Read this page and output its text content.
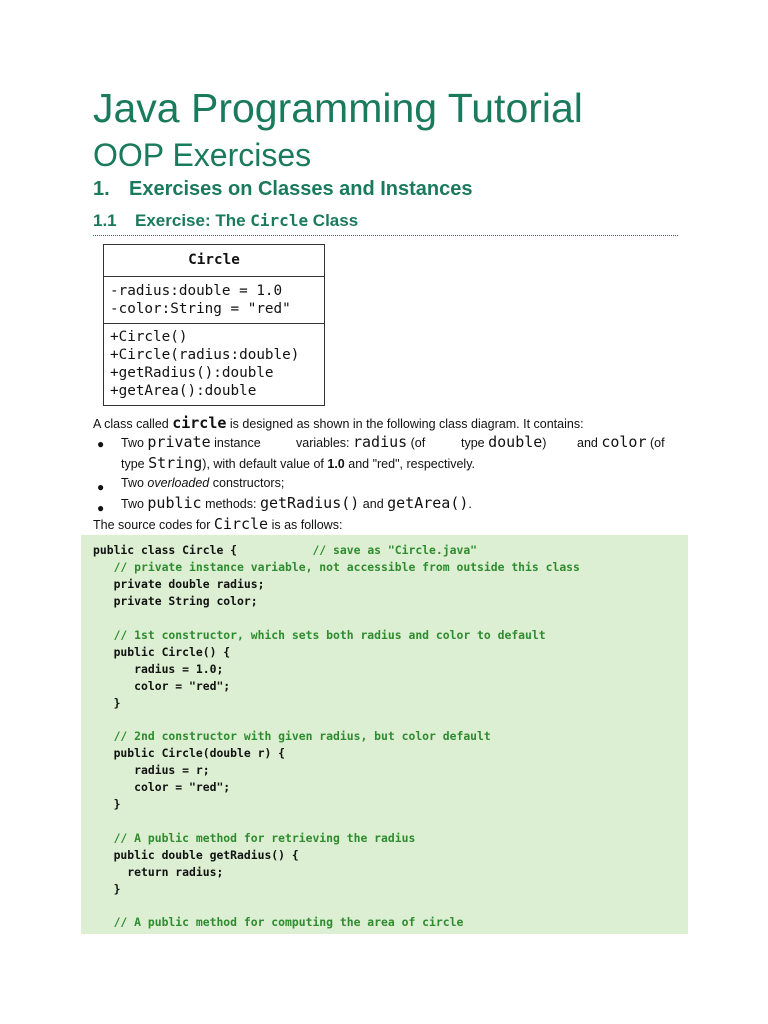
Java Programming Tutorial
OOP Exercises
1. Exercises on Classes and Instances
1.1 Exercise: The Circle Class
Circle
-radius:double = 1.0
-color:String = "red"
+Circle()
+Circle(radius:double)
+getRadius():double
+getArea():double
A class called circle is designed as shown in the following class diagram. It contains:
● Two private instance	variables: radius (of	type double) and color (of
type String), with default value of 1.0 and "red", respectively.
● Two overloaded constructors;
● Two public methods: getRadius() and getArea().
The source codes for Circle is as follows:
public class Circle {           // save as "Circle.java"
// private instance variable, not accessible from outside this class
private double radius;
private String color;
// 1st constructor, which sets both radius and color to default
public Circle() {
radius = 1.0;
color = "red";
}
// 2nd constructor with given radius, but color default
public Circle(double r) {
radius = r;
color = "red";
}
// A public method for retrieving the radius
public double getRadius() {
return radius;
}
// A public method for computing the area of circle
